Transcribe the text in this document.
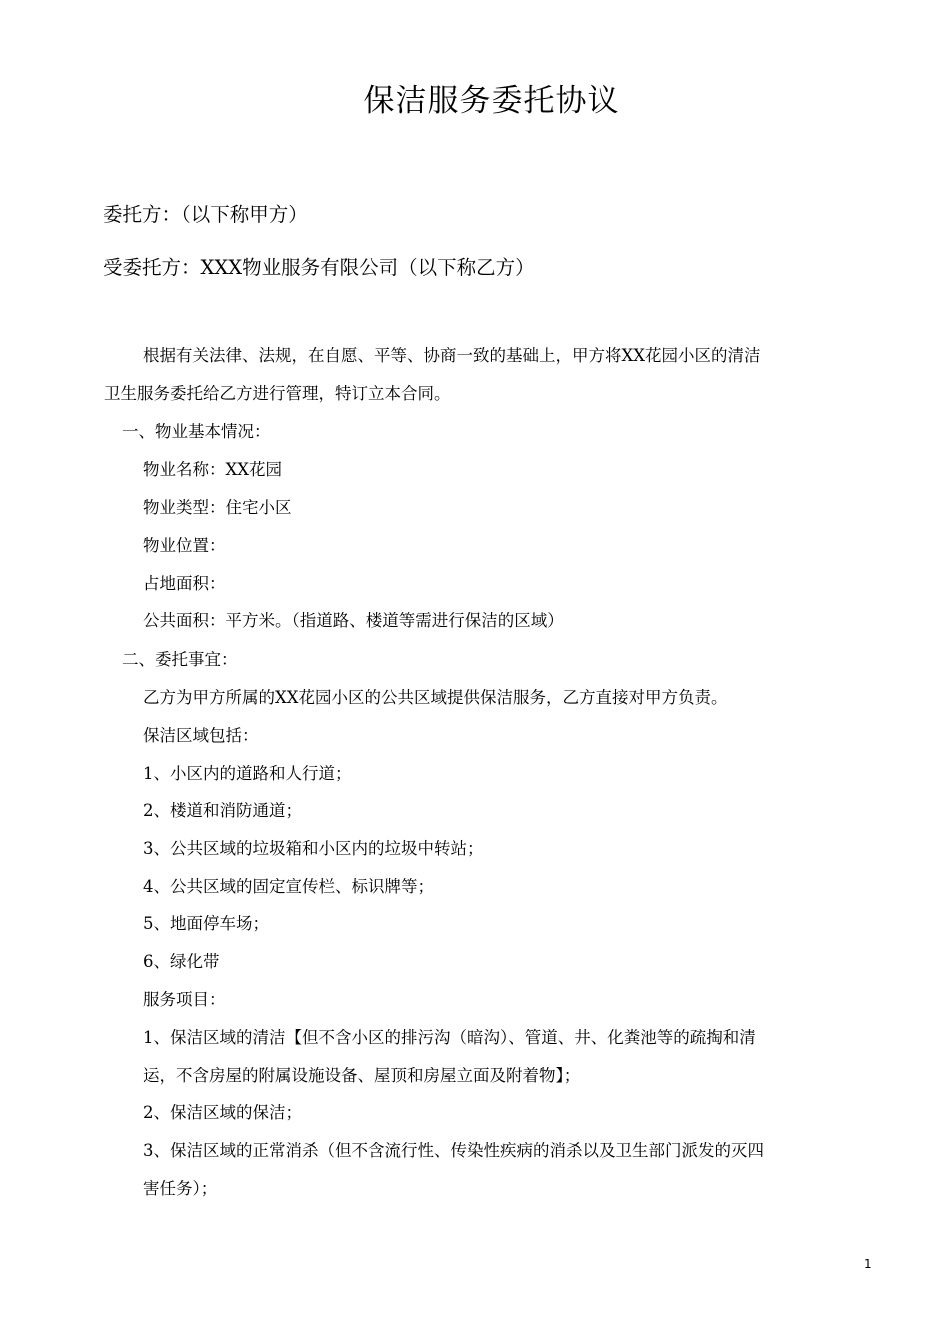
保洁服务委托协议

委托方：（以下称甲方）

受委托方：XXX物业服务有限公司（以下称乙方）

根据有关法律、法规，在自愿、平等、协商一致的基础上，甲方将XX花园小区的清洁

卫生服务委托给乙方进行管理，特订立本合同。

一、物业基本情况：

物业名称：XX花园

物业类型：住宅小区

物业位置：

占地面积：

公共面积：平方米。（指道路、楼道等需进行保洁的区域）

二、委托事宜：

乙方为甲方所属的XX花园小区的公共区域提供保洁服务，乙方直接对甲方负责。

保洁区域包括：

1、小区内的道路和人行道；

2、楼道和消防通道；

3、公共区域的垃圾箱和小区内的垃圾中转站；

4、公共区域的固定宣传栏、标识牌等；

5、地面停车场；

6、绿化带

服务项目：

1、保洁区域的清洁【但不含小区的排污沟（暗沟）、管道、井、化粪池等的疏掏和清

运，不含房屋的附属设施设备、屋顶和房屋立面及附着物】；

2、保洁区域的保洁；

3、保洁区域的正常消杀（但不含流行性、传染性疾病的消杀以及卫生部门派发的灭四

害任务）；

1
